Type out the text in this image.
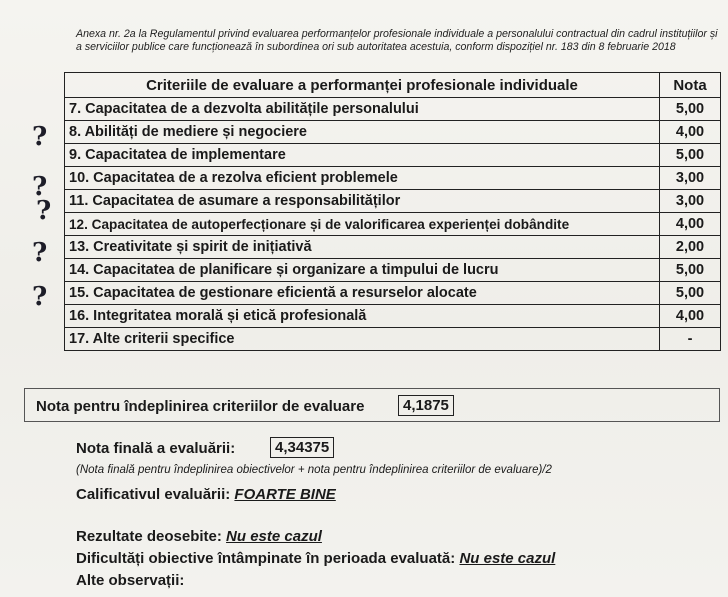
Anexa nr. 2a la Regulamentul privind evaluarea performanțelor profesionale individuale a personalului contractual din cadrul instituțiilor și a serviciilor publice care funcționează în subordinea ori sub autoritatea acestuia, conform dispozițiel nr. 183 din 8 februarie 2018
Criteriile de evaluare a performanței profesionale individuale	Nota
7. Capacitatea de a dezvolta abilitățile personalului	5,00
8. Abilități de mediere și negociere	4,00
9. Capacitatea de implementare	5,00
10. Capacitatea de a rezolva eficient problemele	3,00
11. Capacitatea de asumare a responsabilităților	3,00
12. Capacitatea de autoperfecționare și de valorificarea experienței dobândite	4,00
13. Creativitate și spirit de inițiativă	2,00
14. Capacitatea de planificare și organizare a timpului de lucru	5,00
15. Capacitatea de gestionare eficientă a resurselor alocate	5,00
16. Integritatea morală și etică profesională	4,00
17. Alte criterii specifice	-
?
?
?
?
?
Nota pentru îndeplinirea criteriilor de evaluare	4,1875
Nota finală a evaluării:	4,34375
(Nota finală pentru îndeplinirea obiectivelor + nota pentru îndeplinirea criteriilor de evaluare)/2
Calificativul evaluării: FOARTE BINE
Rezultate deosebite: Nu este cazul
Dificultăți obiective întâmpinate în perioada evaluată: Nu este cazul
Alte observații:
